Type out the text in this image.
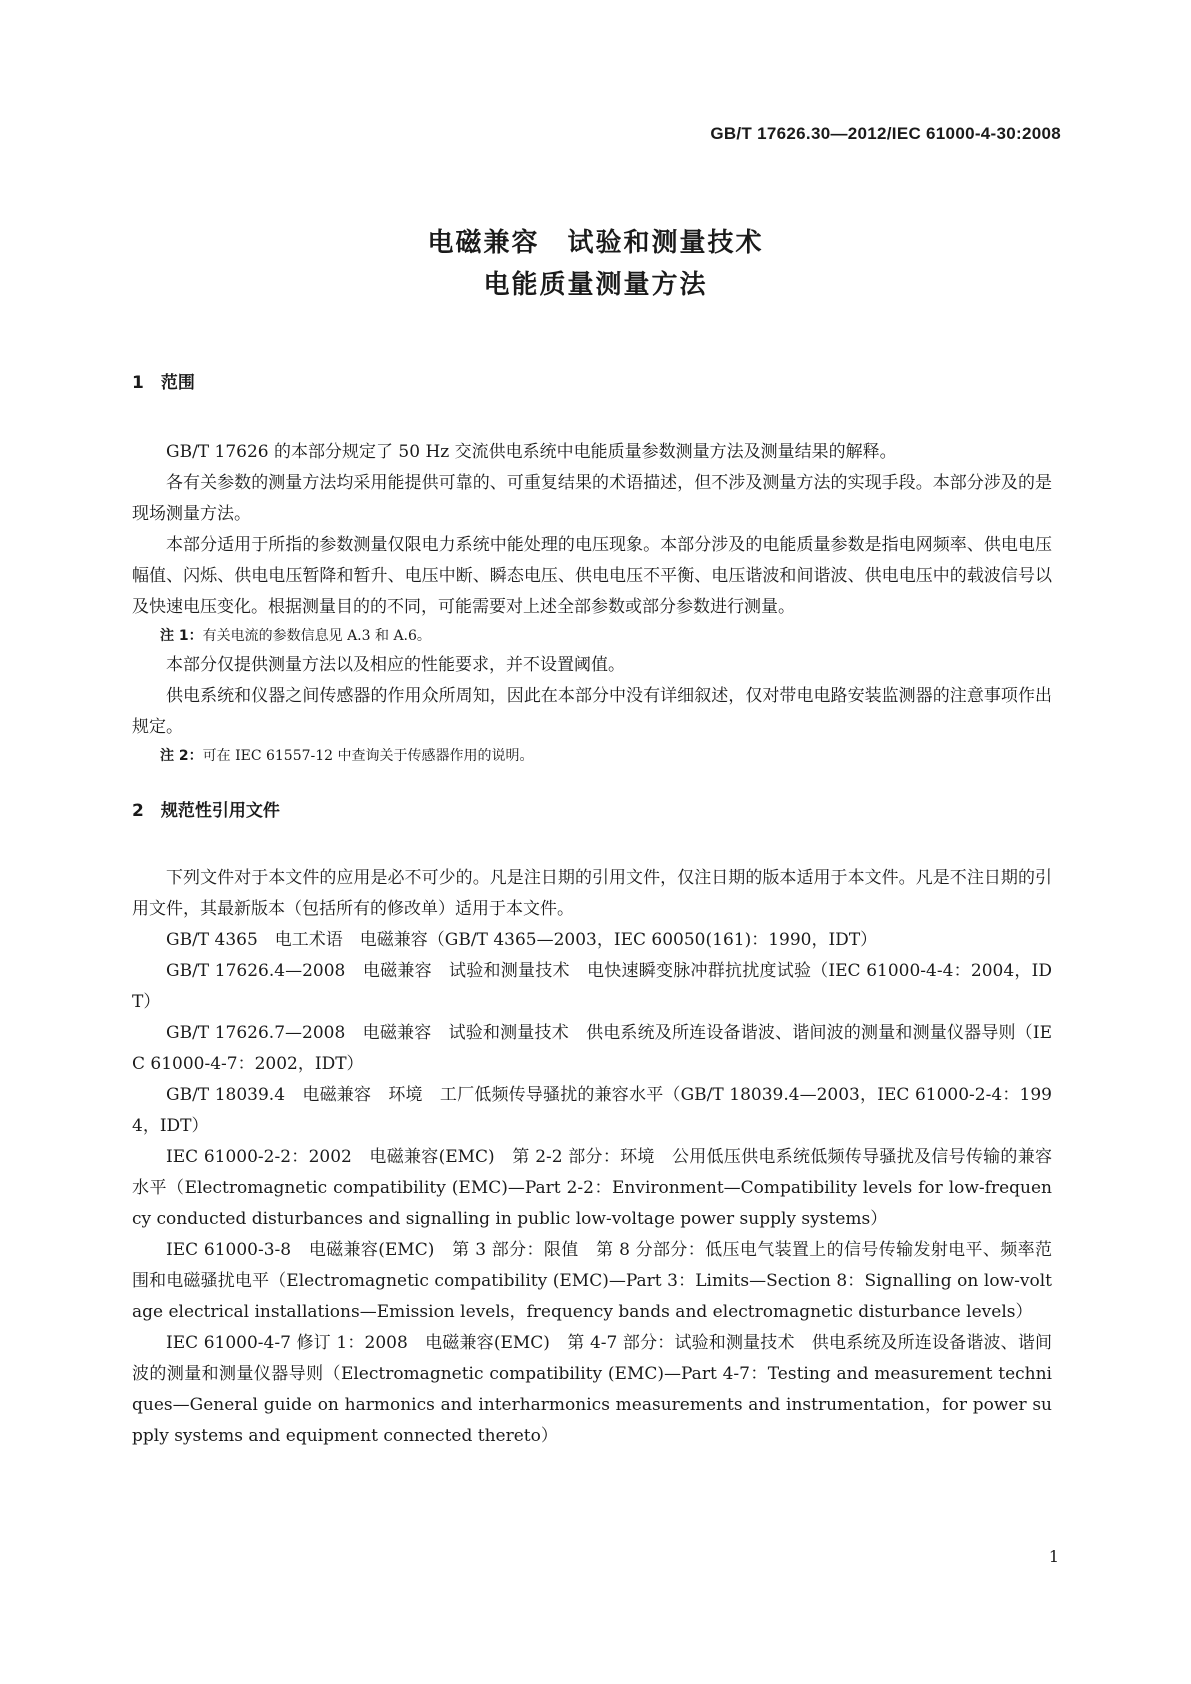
GB/T 17626.30—2012/IEC 61000-4-30:2008
电磁兼容　试验和测量技术
电能质量测量方法

1　范围

GB/T 17626 的本部分规定了 50 Hz 交流供电系统中电能质量参数测量方法及测量结果的解释。

各有关参数的测量方法均采用能提供可靠的、可重复结果的术语描述，但不涉及测量方法的实现手段。本部分涉及的是现场测量方法。

本部分适用于所指的参数测量仅限电力系统中能处理的电压现象。本部分涉及的电能质量参数是指电网频率、供电电压幅值、闪烁、供电电压暂降和暂升、电压中断、瞬态电压、供电电压不平衡、电压谐波和间谐波、供电电压中的载波信号以及快速电压变化。根据测量目的的不同，可能需要对上述全部参数或部分参数进行测量。

注 1：有关电流的参数信息见 A.3 和 A.6。

本部分仅提供测量方法以及相应的性能要求，并不设置阈值。

供电系统和仪器之间传感器的作用众所周知，因此在本部分中没有详细叙述，仅对带电电路安装监测器的注意事项作出规定。

注 2：可在 IEC 61557-12 中查询关于传感器作用的说明。

2　规范性引用文件

下列文件对于本文件的应用是必不可少的。凡是注日期的引用文件，仅注日期的版本适用于本文件。凡是不注日期的引用文件，其最新版本（包括所有的修改单）适用于本文件。

GB/T 4365　电工术语　电磁兼容（GB/T 4365—2003，IEC 60050(161)：1990，IDT）

GB/T 17626.4—2008　电磁兼容　试验和测量技术　电快速瞬变脉冲群抗扰度试验（IEC 61000-4-4：2004，IDT）

GB/T 17626.7—2008　电磁兼容　试验和测量技术　供电系统及所连设备谐波、谐间波的测量和测量仪器导则（IEC 61000-4-7：2002，IDT）

GB/T 18039.4　电磁兼容　环境　工厂低频传导骚扰的兼容水平（GB/T 18039.4—2003，IEC 61000-2-4：1994，IDT）

IEC 61000-2-2：2002　电磁兼容(EMC)　第 2-2 部分：环境　公用低压供电系统低频传导骚扰及信号传输的兼容水平（Electromagnetic compatibility (EMC)—Part 2-2：Environment—Compatibility levels for low-frequency conducted disturbances and signalling in public low-voltage power supply systems）

IEC 61000-3-8　电磁兼容(EMC)　第 3 部分：限值　第 8 分部分：低压电气装置上的信号传输发射电平、频率范围和电磁骚扰电平（Electromagnetic compatibility (EMC)—Part 3：Limits—Section 8：Signalling on low-voltage electrical installations—Emission levels，frequency bands and electromagnetic disturbance levels）

IEC 61000-4-7 修订 1：2008　电磁兼容(EMC)　第 4-7 部分：试验和测量技术　供电系统及所连设备谐波、谐间波的测量和测量仪器导则（Electromagnetic compatibility (EMC)—Part 4-7：Testing and measurement techniques—General guide on harmonics and interharmonics measurements and instrumentation，for power supply systems and equipment connected thereto）

1
